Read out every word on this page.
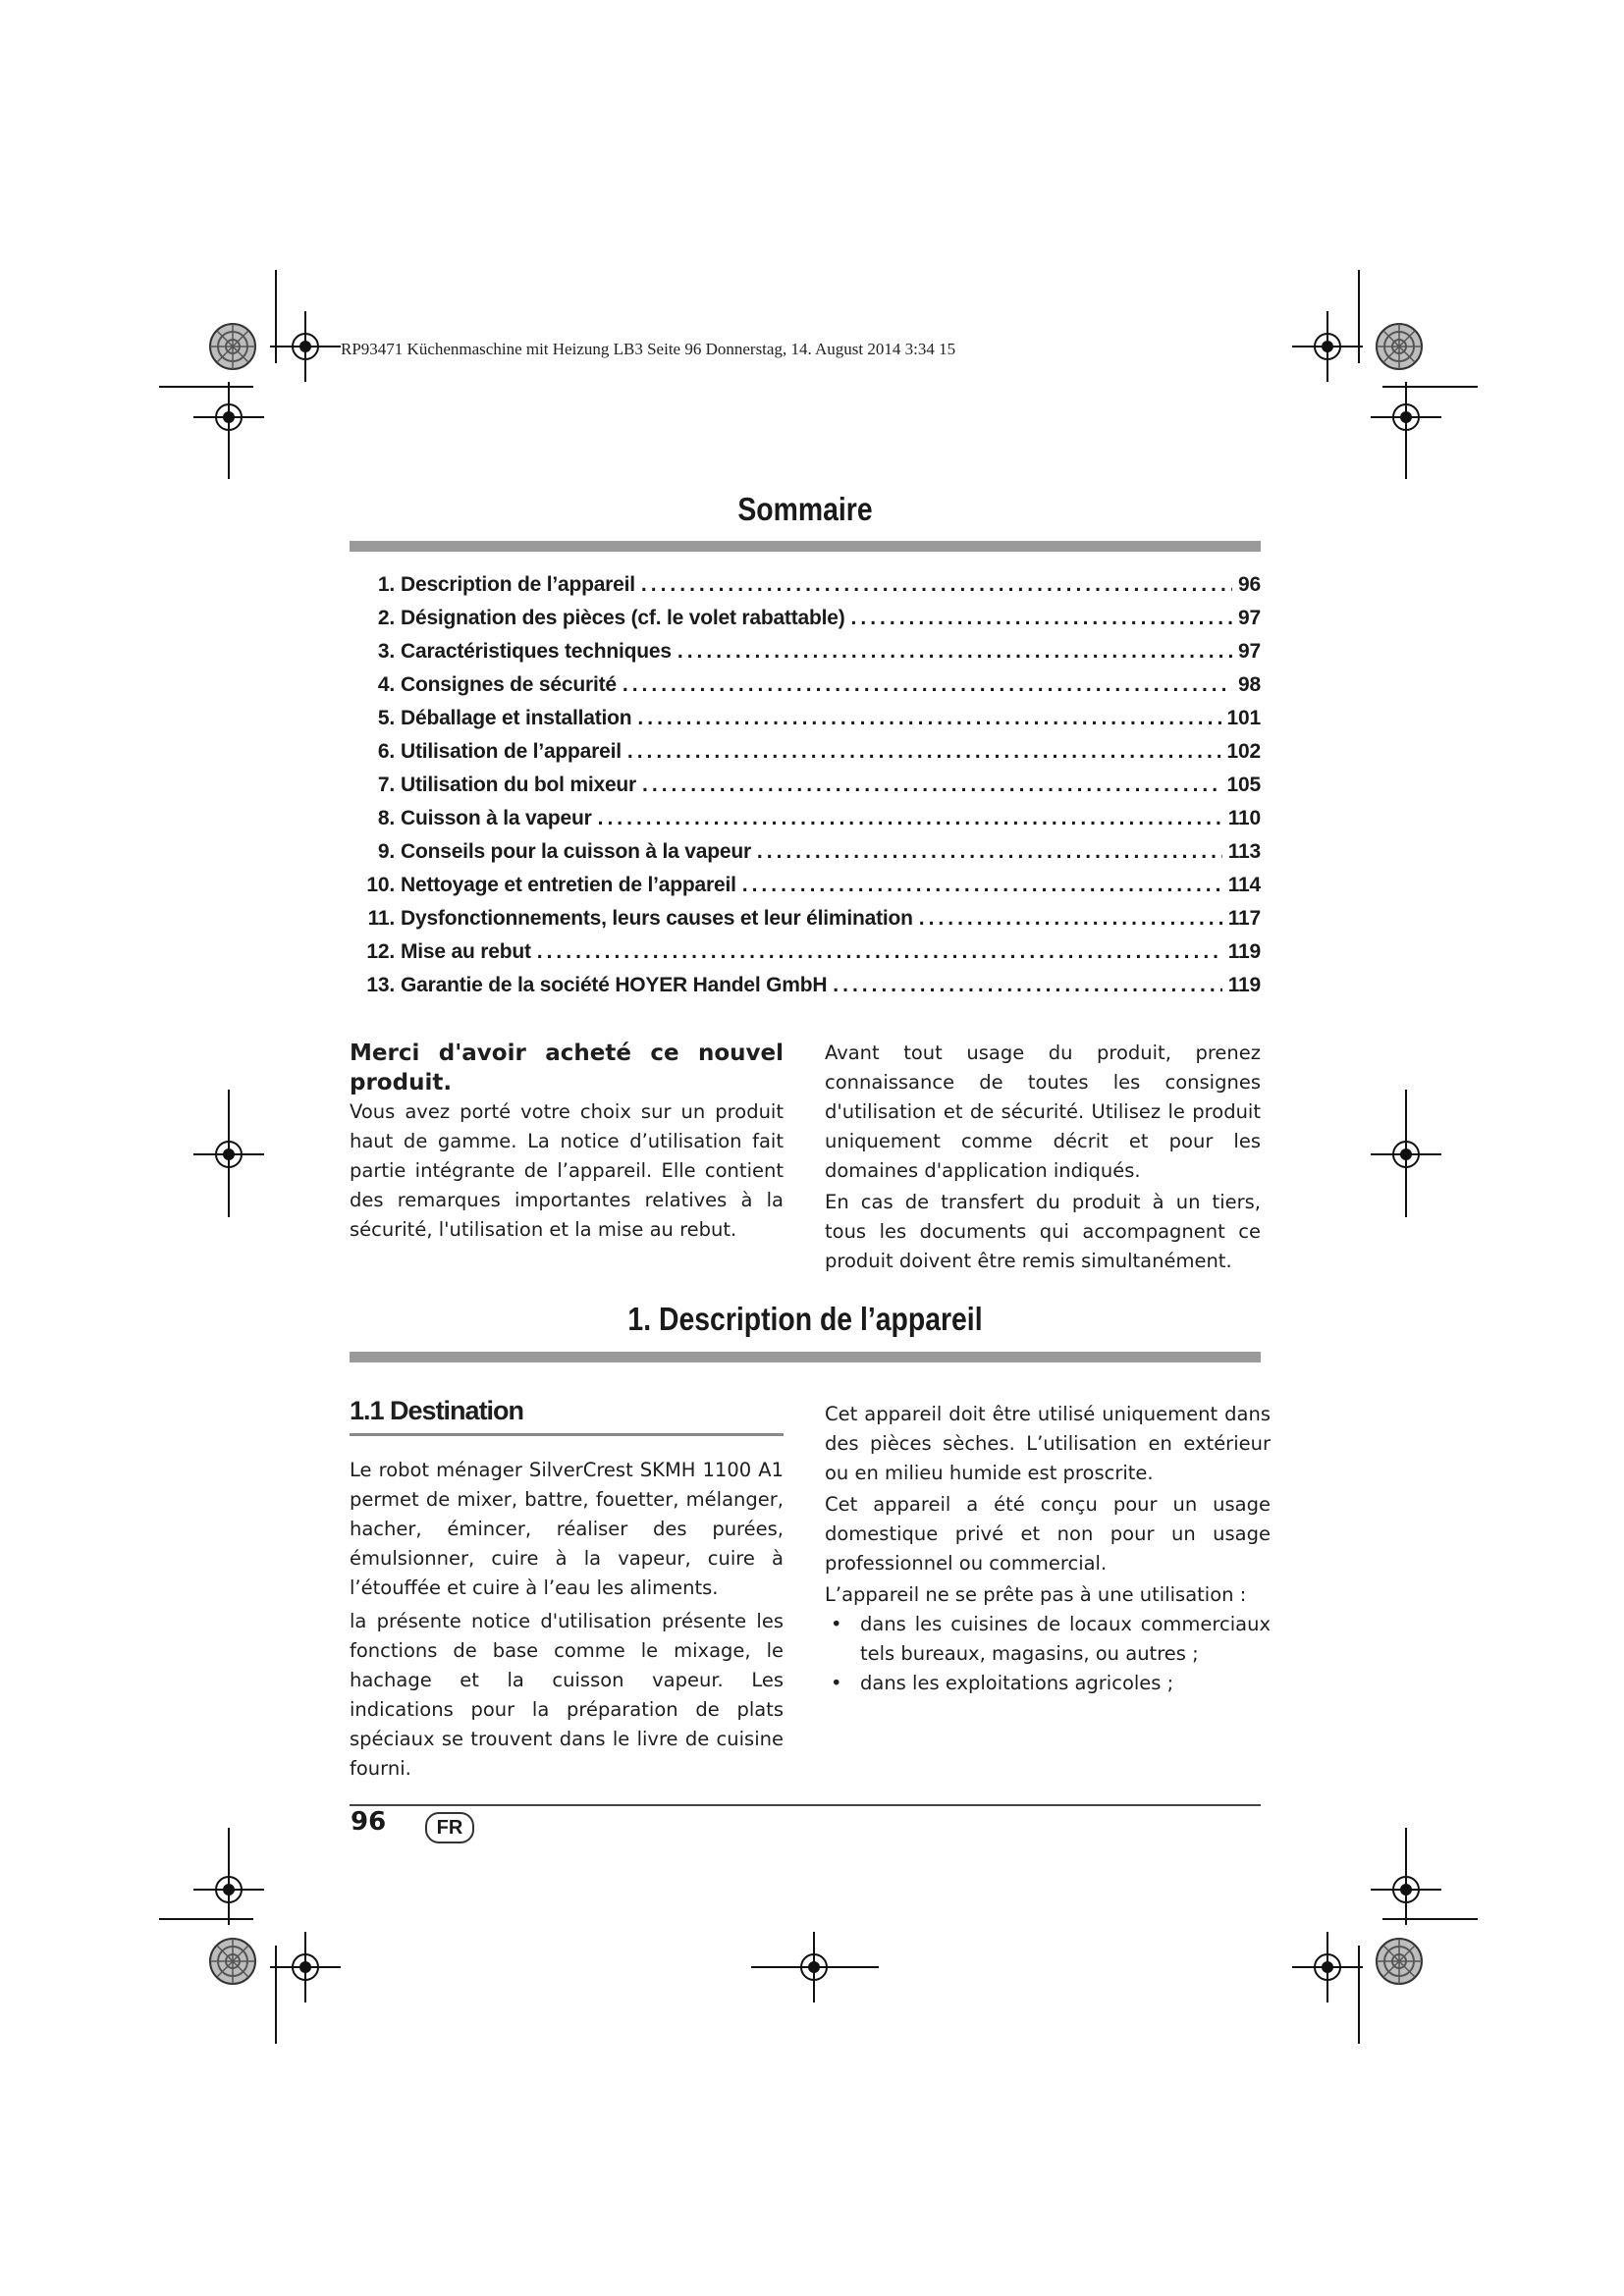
RP93471 Küchenmaschine mit Heizung LB3 Seite 96 Donnerstag, 14. August 2014 3:34 15
Sommaire
1. Description de l’appareil .....	96
2. Désignation des pièces (cf. le volet rabattable) .....	97
3. Caractéristiques techniques .....	97
4. Consignes de sécurité .....	98
5. Déballage et installation .....	101
6. Utilisation de l’appareil .....	102
7. Utilisation du bol mixeur .....	105
8. Cuisson à la vapeur .....	110
9. Conseils pour la cuisson à la vapeur .....	113
10. Nettoyage et entretien de l’appareil .....	114
11. Dysfonctionnements, leurs causes et leur élimination .....	117
12. Mise au rebut .....	119
13. Garantie de la société HOYER Handel GmbH .....	119
Merci d'avoir acheté ce nouvel produit.

Vous avez porté votre choix sur un produit haut de gamme. La notice d’utilisation fait partie intégrante de l’appareil. Elle contient des remarques importantes relatives à la sécurité, l'utilisation et la mise au rebut.

Avant tout usage du produit, prenez connaissance de toutes les consignes d'utilisation et de sécurité. Utilisez le produit uniquement comme décrit et pour les domaines d'application indiqués.

En cas de transfert du produit à un tiers, tous les documents qui accompagnent ce produit doivent être remis simultanément.

1. Description de l’appareil
1.1 Destination

Le robot ménager SilverCrest SKMH 1100 A1 permet de mixer, battre, fouetter, mélanger, hacher, émincer, réaliser des purées, émulsionner, cuire à la vapeur, cuire à l’étouffée et cuire à l’eau les aliments.

la présente notice d'utilisation présente les fonctions de base comme le mixage, le hachage et la cuisson vapeur. Les indications pour la préparation de plats spéciaux se trouvent dans le livre de cuisine fourni.

Cet appareil doit être utilisé uniquement dans des pièces sèches. L’utilisation en extérieur ou en milieu humide est proscrite.

Cet appareil a été conçu pour un usage domestique privé et non pour un usage professionnel ou commercial.

L’appareil ne se prête pas à une utilisation :

• dans les cuisines de locaux commerciaux tels bureaux, magasins, ou autres ;
• dans les exploitations agricoles ;
96	FR
